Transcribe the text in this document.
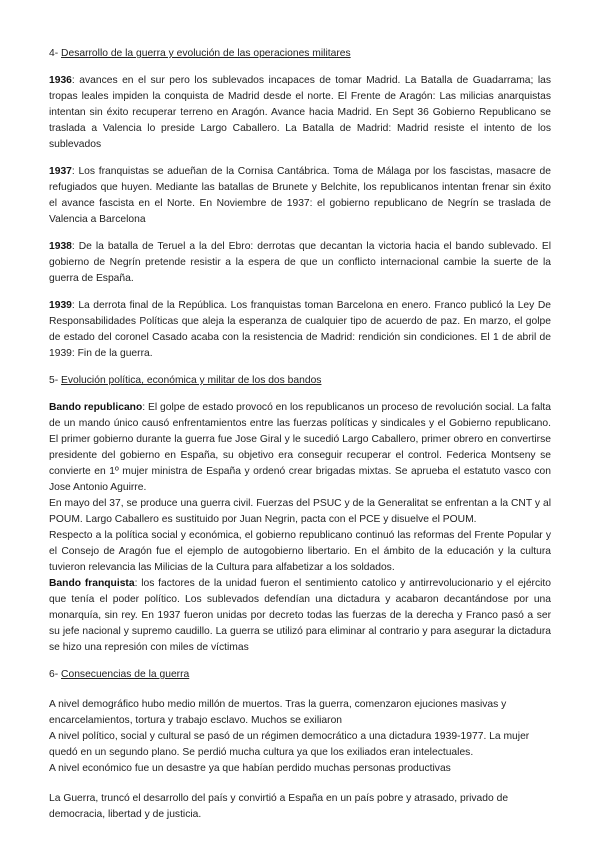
4- Desarrollo de la guerra y evolución de las operaciones militares

1936: avances en el sur pero los sublevados incapaces de tomar Madrid. La Batalla de Guadarrama; las tropas leales impiden la conquista de Madrid desde el norte. El Frente de Aragón: Las milicias anarquistas intentan sin éxito recuperar terreno en Aragón. Avance hacia Madrid. En Sept 36 Gobierno Republicano se traslada a Valencia lo preside Largo Caballero. La Batalla de Madrid: Madrid resiste el intento de los sublevados

1937: Los franquistas se adueñan de la Cornisa Cantábrica. Toma de Málaga por los fascistas, masacre de refugiados que huyen. Mediante las batallas de Brunete y Belchite, los republicanos intentan frenar sin éxito el avance fascista en el Norte. En Noviembre de 1937: el gobierno republicano de Negrín se traslada de Valencia a Barcelona

1938: De la batalla de Teruel a la del Ebro: derrotas que decantan la victoria hacia el bando sublevado. El gobierno de Negrín pretende resistir a la espera de que un conflicto internacional cambie la suerte de la guerra de España.

1939: La derrota final de la República. Los franquistas toman Barcelona en enero. Franco publicó la Ley De Responsabilidades Políticas que aleja la esperanza de cualquier tipo de acuerdo de paz. En marzo, el golpe de estado del coronel Casado acaba con la resistencia de Madrid: rendición sin condiciones. El 1 de abril de 1939: Fin de la guerra.

5- Evolución política, económica y militar de los dos bandos

Bando republicano: El golpe de estado provocó en los republicanos un proceso de revolución social. La falta de un mando único causó enfrentamientos entre las fuerzas políticas y sindicales y el Gobierno republicano. El primer gobierno durante la guerra fue Jose Giral y le sucedió Largo Caballero, primer obrero en convertirse presidente del gobierno en España, su objetivo era conseguir recuperar el control. Federica Montseny se convierte en 1º mujer ministra de España y ordenó crear brigadas mixtas. Se aprueba el estatuto vasco con Jose Antonio Aguirre.

En mayo del 37, se produce una guerra civil. Fuerzas del PSUC y de la Generalitat se enfrentan a la CNT y al POUM. Largo Caballero es sustituido por Juan Negrin, pacta con el PCE y disuelve el POUM.

Respecto a la política social y económica, el gobierno republicano continuó las reformas del Frente Popular y el Consejo de Aragón fue el ejemplo de autogobierno libertario. En el ámbito de la educación y la cultura tuvieron relevancia las Milicias de la Cultura para alfabetizar a los soldados.

Bando franquista: los factores de la unidad fueron el sentimiento catolico y antirrevolucionario y el ejército que tenía el poder político. Los sublevados defendían una dictadura y acabaron decantándose por una monarquía, sin rey. En 1937 fueron unidas por decreto todas las fuerzas de la derecha y Franco pasó a ser su jefe nacional y supremo caudillo. La guerra se utilizó para eliminar al contrario y para asegurar la dictadura se hizo una represión con miles de víctimas

6- Consecuencias de la guerra

A nivel demográfico hubo medio millón de muertos. Tras la guerra, comenzaron ejuciones masivas y encarcelamientos, tortura y trabajo esclavo. Muchos se exiliaron

A nivel político, social y cultural se pasó de un régimen democrático a una dictadura 1939-1977. La mujer quedó en un segundo plano. Se perdió mucha cultura ya que los exiliados eran intelectuales.

A nivel económico fue un desastre ya que habían perdido muchas personas productivas

La Guerra, truncó el desarrollo del país y convirtió a España en un país pobre y atrasado, privado de democracia, libertad y de justicia.
